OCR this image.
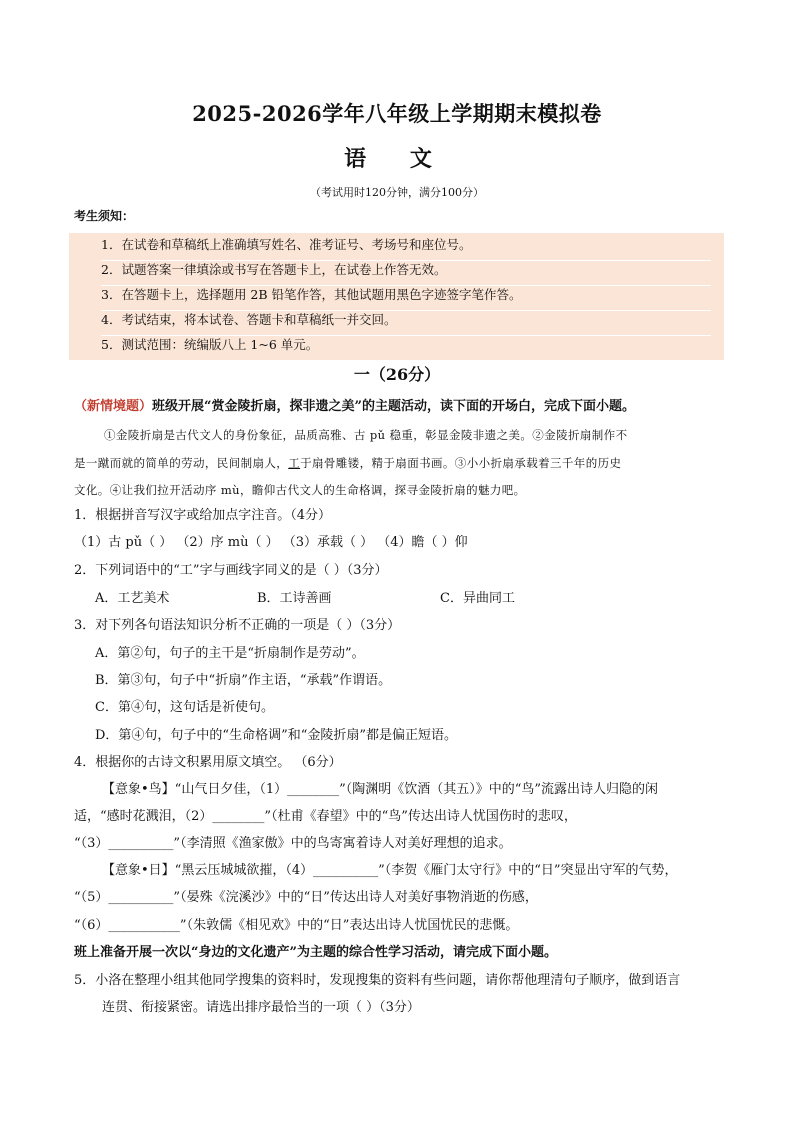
2025-2026学年八年级上学期期末模拟卷
语 文
（考试用时120分钟，满分100分）
考生须知：
1．在试卷和草稿纸上准确填写姓名、准考证号、考场号和座位号。
2．试题答案一律填涂或书写在答题卡上，在试卷上作答无效。
3．在答题卡上，选择题用 2B 铅笔作答，其他试题用黑色字迹签字笔作答。
4．考试结束，将本试卷、答题卡和草稿纸一并交回。
5．测试范围：统编版八上 1~6 单元。
一（26分）
（新情境题）班级开展“赏金陵折扇，探非遗之美”的主题活动，读下面的开场白，完成下面小题。
①金陵折扇是古代文人的身份象征，品质高雅、古 pǔ 稳重，彰显金陵非遗之美。②金陵折扇制作不
是一蹴而就的简单的劳动，民间制扇人，工于扇骨雕镂，精于扇面书画。③小小折扇承载着三千年的历史
文化。④让我们拉开活动序 mù，瞻仰古代文人的生命格调，探寻金陵折扇的魅力吧。
1．根据拼音写汉字或给加点字注音。（4分）
（1）古 pǔ（ ） （2）序 mù（ ） （3）承载（ ） （4）瞻（ ）仰
2．下列词语中的“工”字与画线字同义的是（ ）（3分）
A．工艺美术	B．工诗善画	C．异曲同工
3．对下列各句语法知识分析不正确的一项是（ ）（3分）
A．第②句，句子的主干是“折扇制作是劳动”。
B．第③句，句子中“折扇”作主语，“承载”作谓语。
C．第④句，这句话是祈使句。
D．第④句，句子中的“生命格调”和“金陵折扇”都是偏正短语。
4．根据你的古诗文积累用原文填空。 （6分）
【意象•鸟】“山气日夕佳，（1）________”（陶渊明《饮酒（其五）》中的“鸟”流露出诗人归隐的闲
适，“感时花溅泪，（2）________”（杜甫《春望》中的“鸟”传达出诗人忧国伤时的悲叹，
“（3）__________”（李清照《渔家傲》中的鸟寄寓着诗人对美好理想的追求。
【意象•日】“黑云压城城欲摧，（4）__________”（李贺《雁门太守行》中的“日”突显出守军的气势，
“（5）__________”（晏殊《浣溪沙》中的“日”传达出诗人对美好事物消逝的伤感，
“（6）___________”（朱敦儒《相见欢》中的“日”表达出诗人忧国忧民的悲慨。
班上准备开展一次以“身边的文化遗产”为主题的综合性学习活动，请完成下面小题。
5．小洛在整理小组其他同学搜集的资料时，发现搜集的资料有些问题，请你帮他理清句子顺序，做到语言
连贯、衔接紧密。请选出排序最恰当的一项（ ）（3分）
